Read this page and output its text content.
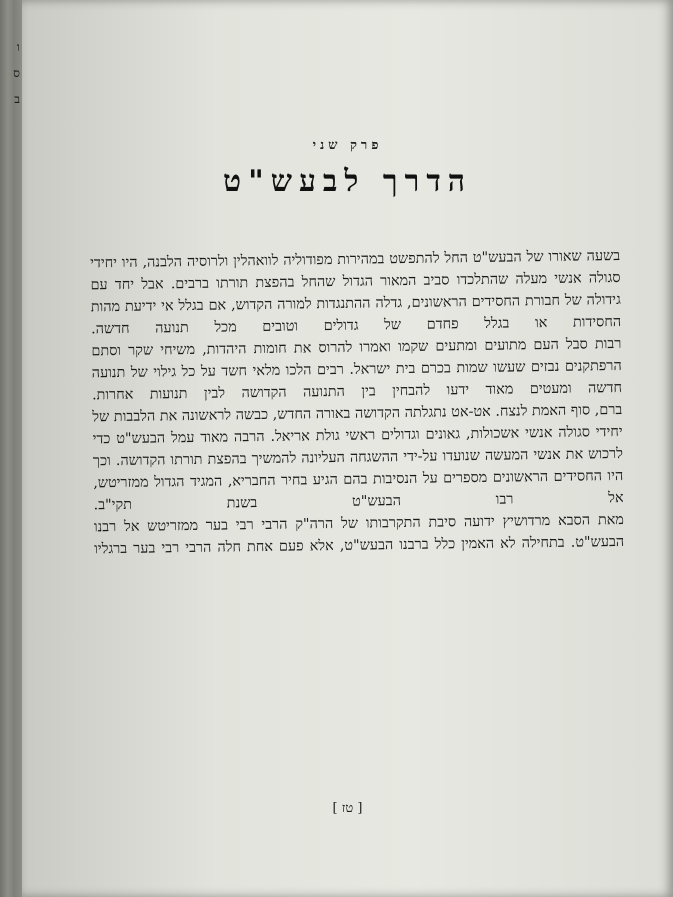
ו
ס
ב
פרק שני
הדרך לבעש"ט

בשעה שאורו של הבעש"ט החל להתפשט במהירות מפודוליה לוואהלין ולרוסיה הלבנה, היו יחידי סגולה אנשי מעלה שהתלכדו סביב המאור הגדול שהחל בהפצת תורתו ברבים. אבל יחד עם גידולה של חבורת החסידים הראשונים, גדלה ההתנגדות למורה הקדוש, אם בגלל אי ידיעת מהות החסידות או בגלל פחדם של גדולים וטובים מכל תנועה חדשה.

רבות סבל העם מתועים ומתעים שקמו ואמרו להרוס את חומות היהדות, משיחי שקר וסתם הרפתקנים נבזים שעשו שמות בכרם בית ישראל. רבים הלכו מלאי חשד על כל גילוי של תנועה חדשה ומעטים מאוד ידעו להבחין בין התנועה הקדושה לבין תנועות אחרות.

ברם, סוף האמת לנצח. אט-אט נתגלתה הקדושה באורה החדש, כבשה לראשונה את הלבבות של יחידי סגולה אנשי אשכולות, גאונים וגדולים ראשי גולת אריאל. הרבה מאוד עמל הבעש"ט כדי לרכוש את אנשי המעשה שנועדו על-ידי ההשגחה העליונה להמשיך בהפצת תורתו הקדושה. וכך היו החסידים הראשונים מספרים על הנסיבות בהם הגיע בחיר החבריא, המגיד הגדול ממזריטש, אל רבו הבעש"ט בשנת תקי"ב.

מאת הסבא מרדושיץ ידועה סיבת התקרבותו של הרה"ק הרבי רבי בער ממזריטש אל רבנו הבעש"ט. בתחילה לא האמין כלל ברבנו הבעש"ט, אלא פעם אחת חלה הרבי רבי בער ברגליו

[ טז ]
